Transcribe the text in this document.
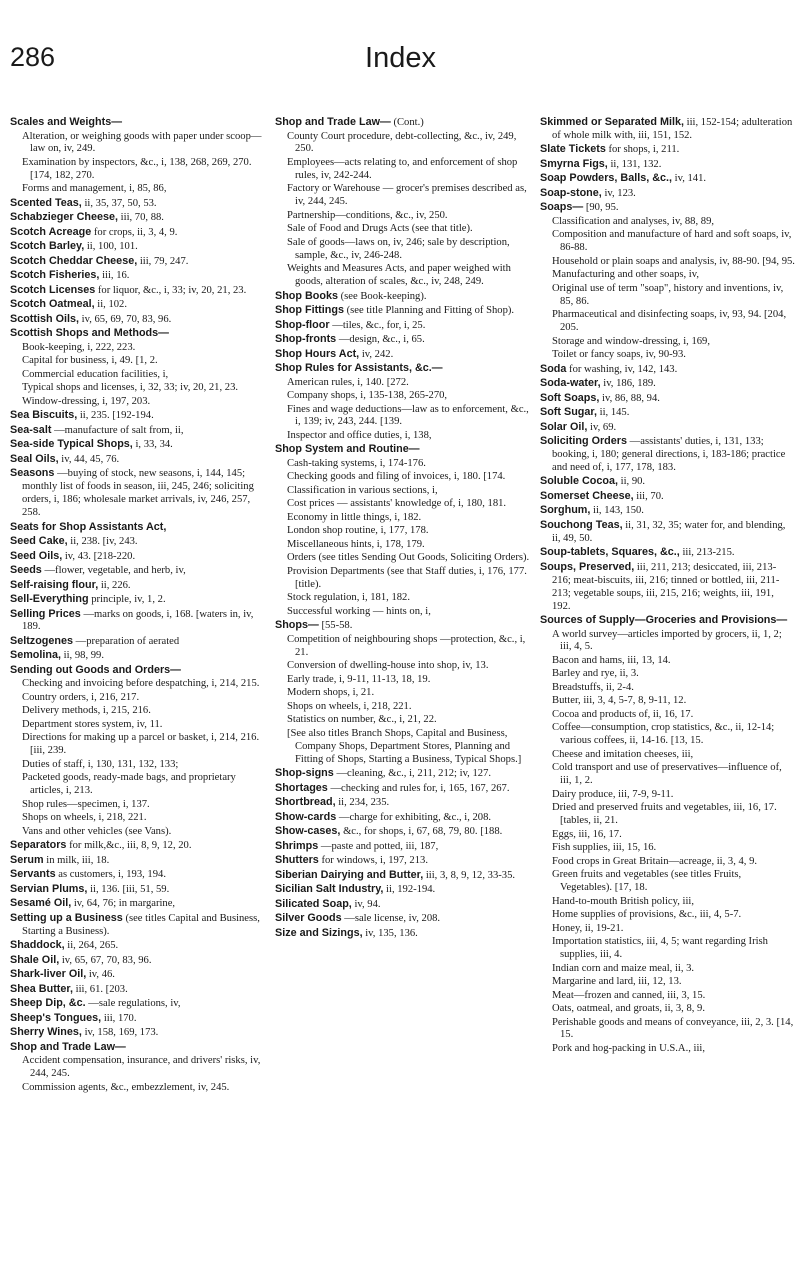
286	Index
Scales and Weights—
Alteration, or weighing goods with paper under scoop—law on, iv, 249.
Examination by inspectors, &c., i, 138, 268, 269, 270. [174, 182, 270.
Forms and management, i, 85, 86,
Scented Teas, ii, 35, 37, 50, 53.
Schabzieger Cheese, iii, 70, 88.
Scotch Acreage for crops, ii, 3, 4, 9.
Scotch Barley, ii, 100, 101.
Scotch Cheddar Cheese, iii, 79, 247.
Scotch Fisheries, iii, 16.
Scotch Licenses for liquor, &c., i, 33; iv, 20, 21, 23.
Scotch Oatmeal, ii, 102.
Scottish Oils, iv, 65, 69, 70, 83, 96.
Scottish Shops and Methods—
Book-keeping, i, 222, 223.
Capital for business, i, 49. [1, 2.
Commercial education facilities, i,
Typical shops and licenses, i, 32, 33; iv, 20, 21, 23.
Window-dressing, i, 197, 203.
Sea Biscuits, ii, 235. [192-194.
Sea-salt —manufacture of salt from, ii,
Sea-side Typical Shops, i, 33, 34.
Seal Oils, iv, 44, 45, 76.
Seasons —buying of stock, new seasons, i, 144, 145; monthly list of foods in season, iii, 245, 246; soliciting orders, i, 186; wholesale market arrivals, iv, 246, 257, 258.
Seats for Shop Assistants Act,
Seed Cake, ii, 238. [iv, 243.
Seed Oils, iv, 43. [218-220.
Seeds —flower, vegetable, and herb, iv,
Self-raising flour, ii, 226.
Sell-Everything principle, iv, 1, 2.
Selling Prices —marks on goods, i, 168. [waters in, iv, 189.
Seltzogenes —preparation of aerated
Semolina, ii, 98, 99.
Sending out Goods and Orders—
Checking and invoicing before despatching, i, 214, 215.
Country orders, i, 216, 217.
Delivery methods, i, 215, 216.
Department stores system, iv, 11.
Directions for making up a parcel or basket, i, 214, 216. [iii, 239.
Duties of staff, i, 130, 131, 132, 133;
Packeted goods, ready-made bags, and proprietary articles, i, 213.
Shop rules—specimen, i, 137.
Shops on wheels, i, 218, 221.
Vans and other vehicles (see Vans).
Separators for milk,&c., iii, 8, 9, 12, 20.
Serum in milk, iii, 18.
Servants as customers, i, 193, 194.
Servian Plums, ii, 136. [iii, 51, 59.
Sesamé Oil, iv, 64, 76; in margarine,
Setting up a Business (see titles Capital and Business, Starting a Business).
Shaddock, ii, 264, 265.
Shale Oil, iv, 65, 67, 70, 83, 96.
Shark-liver Oil, iv, 46.
Shea Butter, iii, 61. [203.
Sheep Dip, &c. —sale regulations, iv,
Sheep's Tongues, iii, 170.
Sherry Wines, iv, 158, 169, 173.
Shop and Trade Law—
Accident compensation, insurance, and drivers' risks, iv, 244, 245.
Commission agents, &c., embezzlement, iv, 245.
Shop and Trade Law— (Cont.)
County Court procedure, debt-collecting, &c., iv, 249, 250.
Employees—acts relating to, and enforcement of shop rules, iv, 242-244.
Factory or Warehouse — grocer's premises described as, iv, 244, 245.
Partnership—conditions, &c., iv, 250.
Sale of Food and Drugs Acts (see that title).
Sale of goods—laws on, iv, 246; sale by description, sample, &c., iv, 246-248.
Weights and Measures Acts, and paper weighed with goods, alteration of scales, &c., iv, 248, 249.
Shop Books (see Book-keeping).
Shop Fittings (see title Planning and Fitting of Shop).
Shop-floor —tiles, &c., for, i, 25.
Shop-fronts —design, &c., i, 65.
Shop Hours Act, iv, 242.
Shop Rules for Assistants, &c.—
American rules, i, 140. [272.
Company shops, i, 135-138, 265-270,
Fines and wage deductions—law as to enforcement, &c., i, 139; iv, 243, 244. [139.
Inspector and office duties, i, 138,
Shop System and Routine—
Cash-taking systems, i, 174-176.
Checking goods and filing of invoices, i, 180. [174.
Classification in various sections, i,
Cost prices — assistants' knowledge of, i, 180, 181.
Economy in little things, i, 182.
London shop routine, i, 177, 178.
Miscellaneous hints, i, 178, 179.
Orders (see titles Sending Out Goods, Soliciting Orders).
Provision Departments (see that Staff duties, i, 176, 177. [title).
Stock regulation, i, 181, 182.
Successful working — hints on, i,
Shops— [55-58.
Competition of neighbouring shops —protection, &c., i, 21.
Conversion of dwelling-house into shop, iv, 13.
Early trade, i, 9-11, 11-13, 18, 19.
Modern shops, i, 21.
Shops on wheels, i, 218, 221.
Statistics on number, &c., i, 21, 22.
[See also titles Branch Shops, Capital and Business, Company Shops, Department Stores, Planning and Fitting of Shops, Starting a Business, Typical Shops.]
Shop-signs —cleaning, &c., i, 211, 212; iv, 127.
Shortages —checking and rules for, i, 165, 167, 267.
Shortbread, ii, 234, 235.
Show-cards —charge for exhibiting, &c., i, 208.
Show-cases, &c., for shops, i, 67, 68, 79, 80. [188.
Shrimps —paste and potted, iii, 187,
Shutters for windows, i, 197, 213.
Siberian Dairying and Butter, iii, 3, 8, 9, 12, 33-35.
Sicilian Salt Industry, ii, 192-194.
Silicated Soap, iv, 94.
Silver Goods —sale license, iv, 208.
Size and Sizings, iv, 135, 136.
Skimmed or Separated Milk, iii, 152-154; adulteration of whole milk with, iii, 151, 152.
Slate Tickets for shops, i, 211.
Smyrna Figs, ii, 131, 132.
Soap Powders, Balls, &c., iv, 141.
Soap-stone, iv, 123.
Soaps— [90, 95.
Classification and analyses, iv, 88, 89,
Composition and manufacture of hard and soft soaps, iv, 86-88.
Household or plain soaps and analysis, iv, 88-90. [94, 95.
Manufacturing and other soaps, iv,
Original use of term "soap", history and inventions, iv, 85, 86.
Pharmaceutical and disinfecting soaps, iv, 93, 94. [204, 205.
Storage and window-dressing, i, 169,
Toilet or fancy soaps, iv, 90-93.
Soda for washing, iv, 142, 143.
Soda-water, iv, 186, 189.
Soft Soaps, iv, 86, 88, 94.
Soft Sugar, ii, 145.
Solar Oil, iv, 69.
Soliciting Orders —assistants' duties, i, 131, 133; booking, i, 180; general directions, i, 183-186; practice and need of, i, 177, 178, 183.
Soluble Cocoa, ii, 90.
Somerset Cheese, iii, 70.
Sorghum, ii, 143, 150.
Souchong Teas, ii, 31, 32, 35; water for, and blending, ii, 49, 50.
Soup-tablets, Squares, &c., iii, 213-215.
Soups, Preserved, iii, 211, 213; desiccated, iii, 213-216; meat-biscuits, iii, 216; tinned or bottled, iii, 211-213; vegetable soups, iii, 215, 216; weights, iii, 191, 192.
Sources of Supply—Groceries and Provisions—
A world survey—articles imported by grocers, ii, 1, 2; iii, 4, 5.
Bacon and hams, iii, 13, 14.
Barley and rye, ii, 3.
Breadstuffs, ii, 2-4.
Butter, iii, 3, 4, 5-7, 8, 9-11, 12.
Cocoa and products of, ii, 16, 17.
Coffee—consumption, crop statistics, &c., ii, 12-14; various coffees, ii, 14-16. [13, 15.
Cheese and imitation cheeses, iii,
Cold transport and use of preservatives—influence of, iii, 1, 2.
Dairy produce, iii, 7-9, 9-11.
Dried and preserved fruits and vegetables, iii, 16, 17. [tables, ii, 21.
Eggs, iii, 16, 17.
Fish supplies, iii, 15, 16.
Food crops in Great Britain—acreage, ii, 3, 4, 9.
Green fruits and vegetables (see titles Fruits, Vegetables). [17, 18.
Hand-to-mouth British policy, iii,
Home supplies of provisions, &c., iii, 4, 5-7.
Honey, ii, 19-21.
Importation statistics, iii, 4, 5; want regarding Irish supplies, iii, 4.
Indian corn and maize meal, ii, 3.
Margarine and lard, iii, 12, 13.
Meat—frozen and canned, iii, 3, 15.
Oats, oatmeal, and groats, ii, 3, 8, 9.
Perishable goods and means of conveyance, iii, 2, 3. [14, 15.
Pork and hog-packing in U.S.A., iii,
